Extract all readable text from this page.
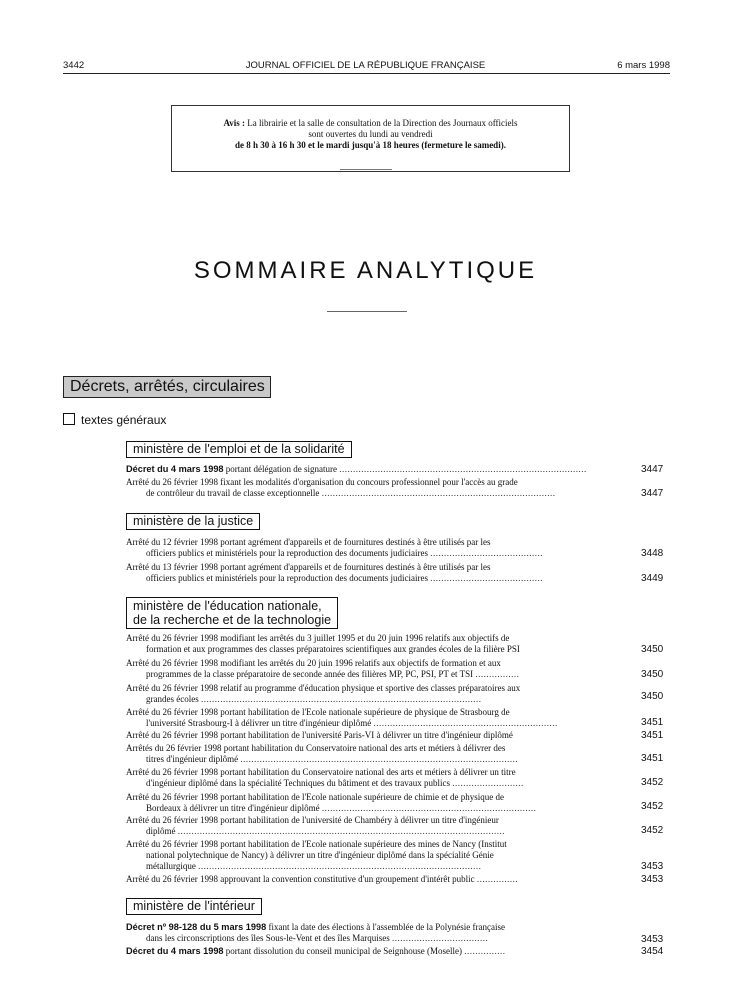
3442	JOURNAL OFFICIEL DE LA RÉPUBLIQUE FRANÇAISE	6 mars 1998
Avis : La librairie et la salle de consultation de la Direction des Journaux officiels
sont ouvertes du lundi au vendredi
de 8 h 30 à 16 h 30 et le mardi jusqu'à 18 heures (fermeture le samedi).
SOMMAIRE ANALYTIQUE
Décrets, arrêtés, circulaires
textes généraux
ministère de l'emploi et de la solidarité
Décret du 4 mars 1998 portant délégation de signature ..........................................................................................	3447
Arrêté du 26 février 1998 fixant les modalités d'organisation du concours professionnel pour l'accès au grade
de contrôleur du travail de classe exceptionnelle .....................................................................................	3447
ministère de la justice
Arrêté du 12 février 1998 portant agrément d'appareils et de fournitures destinés à être utilisés par les
officiers publics et ministériels pour la reproduction des documents judiciaires .........................................	3448
Arrêté du 13 février 1998 portant agrément d'appareils et de fournitures destinés à être utilisés par les
officiers publics et ministériels pour la reproduction des documents judiciaires .........................................	3449
ministère de l'éducation nationale,
de la recherche et de la technologie
Arrêté du 26 février 1998 modifiant les arrêtés du 3 juillet 1995 et du 20 juin 1996 relatifs aux objectifs de
formation et aux programmes des classes préparatoires scientifiques aux grandes écoles de la filière PSI	3450
Arrêté du 26 février 1998 modifiant les arrêtés du 20 juin 1996 relatifs aux objectifs de formation et aux
programmes de la classe préparatoire de seconde année des filières MP, PC, PSI, PT et TSI ................	3450
Arrêté du 26 février 1998 relatif au programme d'éducation physique et sportive des classes préparatoires aux
grandes écoles ......................................................................................................	3450
Arrêté du 26 février 1998 portant habilitation de l'Ecole nationale supérieure de physique de Strasbourg de
l'université Strasbourg-I à délivrer un titre d'ingénieur diplômé ...................................................................	3451
Arrêté du 26 février 1998 portant habilitation de l'université Paris-VI à délivrer un titre d'ingénieur diplômé	3451
Arrêtés du 26 février 1998 portant habilitation du Conservatoire national des arts et métiers à délivrer des
titres d'ingénieur diplômé .....................................................................................................	3451
Arrêté du 26 février 1998 portant habilitation du Conservatoire national des arts et métiers à délivrer un titre
d'ingénieur diplômé dans la spécialité Techniques du bâtiment et des travaux publics ..........................	3452
Arrêté du 26 février 1998 portant habilitation de l'Ecole nationale supérieure de chimie et de physique de
Bordeaux à délivrer un titre d'ingénieur diplômé ..............................................................................	3452
Arrêté du 26 février 1998 portant habilitation de l'université de Chambéry à délivrer un titre d'ingénieur
diplômé .......................................................................................................................	3452
Arrêté du 26 février 1998 portant habilitation de l'Ecole nationale supérieure des mines de Nancy (Institut
national polytechnique de Nancy) à délivrer un titre d'ingénieur diplômé dans la spécialité Génie
métallurgique .......................................................................................................	3453
Arrêté du 26 février 1998 approuvant la convention constitutive d'un groupement d'intérêt public ...............	3453
ministère de l'intérieur
Décret nº 98-128 du 5 mars 1998 fixant la date des élections à l'assemblée de la Polynésie française
dans les circonscriptions des îles Sous-le-Vent et des îles Marquises ...................................	3453
Décret du 4 mars 1998 portant dissolution du conseil municipal de Seignhouse (Moselle) ...............	3454
